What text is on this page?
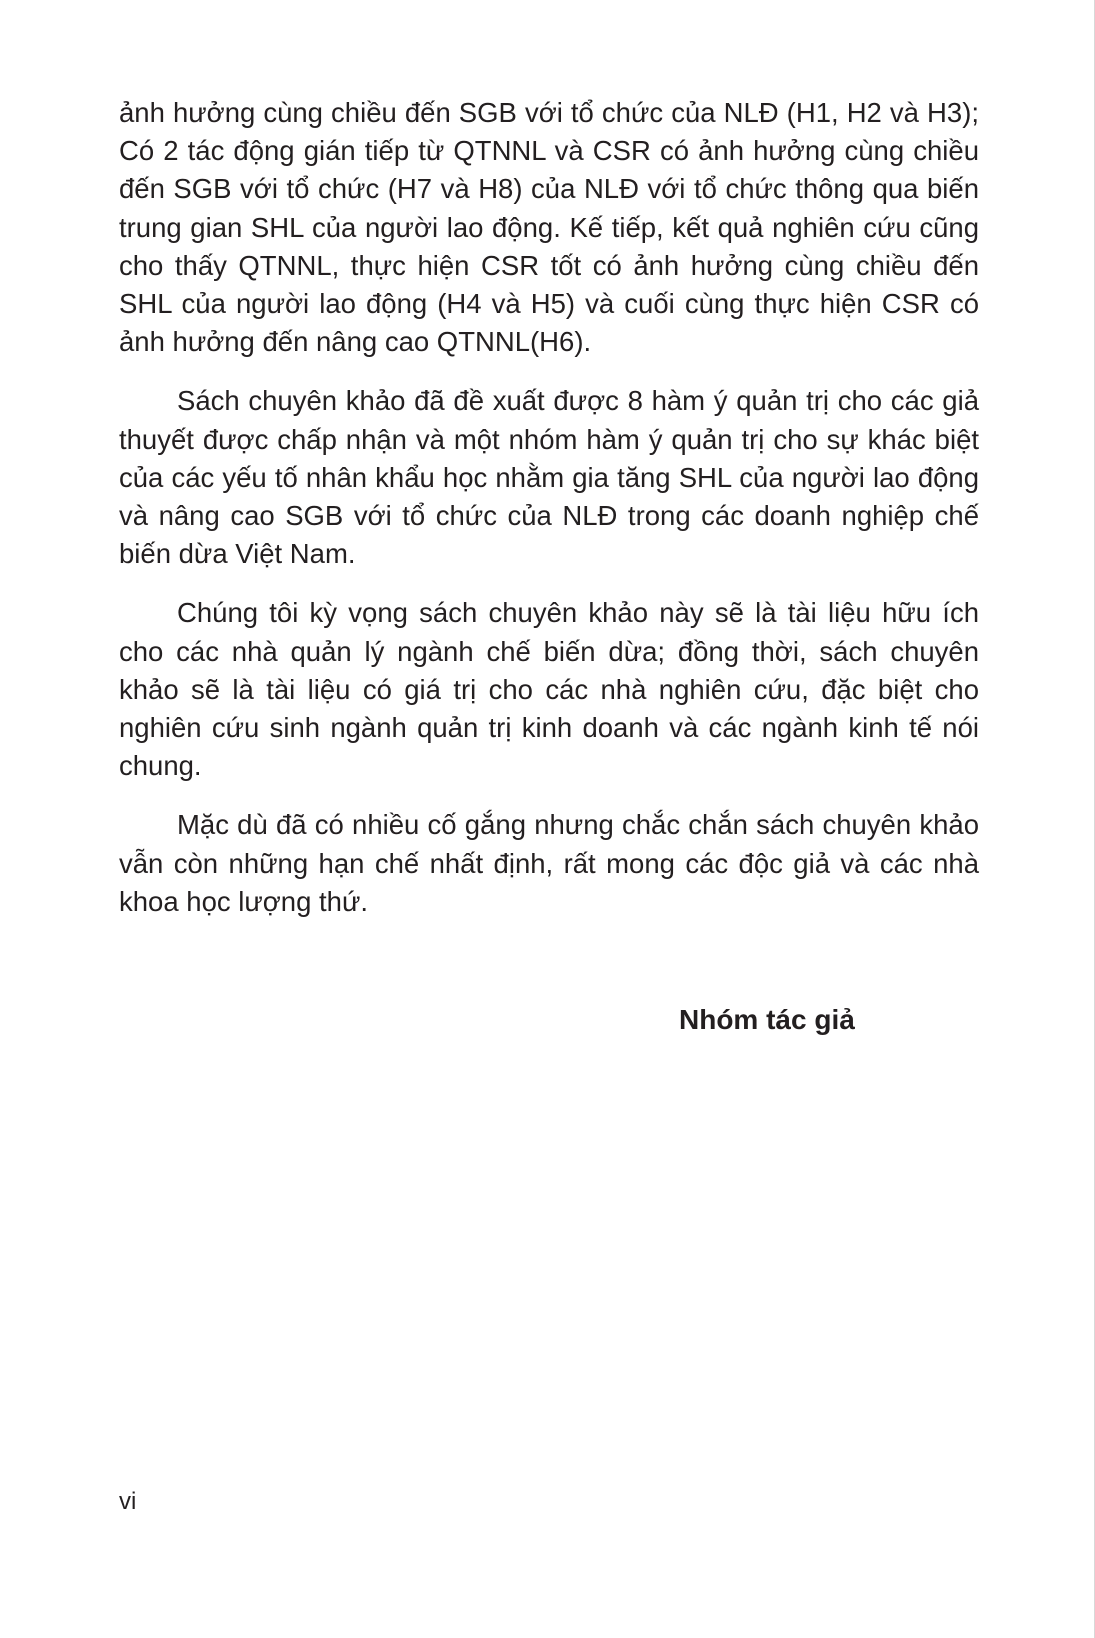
ảnh hưởng cùng chiều đến SGB với tổ chức của NLĐ (H1, H2 và H3); Có 2 tác động gián tiếp từ QTNNL và CSR có ảnh hưởng cùng chiều đến SGB với tổ chức (H7 và H8) của NLĐ với tổ chức thông qua biến trung gian SHL của người lao động. Kế tiếp, kết quả nghiên cứu cũng cho thấy QTNNL, thực hiện CSR tốt có ảnh hưởng cùng chiều đến SHL của người lao động (H4 và H5) và cuối cùng thực hiện CSR có ảnh hưởng đến nâng cao QTNNL(H6).

Sách chuyên khảo đã đề xuất được 8 hàm ý quản trị cho các giả thuyết được chấp nhận và một nhóm hàm ý quản trị cho sự khác biệt của các yếu tố nhân khẩu học nhằm gia tăng SHL của người lao động và nâng cao SGB với tổ chức của NLĐ trong các doanh nghiệp chế biến dừa Việt Nam.

Chúng tôi kỳ vọng sách chuyên khảo này sẽ là tài liệu hữu ích cho các nhà quản lý ngành chế biến dừa; đồng thời, sách chuyên khảo sẽ là tài liệu có giá trị cho các nhà nghiên cứu, đặc biệt cho nghiên cứu sinh ngành quản trị kinh doanh và các ngành kinh tế nói chung.

Mặc dù đã có nhiều cố gắng nhưng chắc chắn sách chuyên khảo vẫn còn những hạn chế nhất định, rất mong các độc giả và các nhà khoa học lượng thứ.

Nhóm tác giả
vi
